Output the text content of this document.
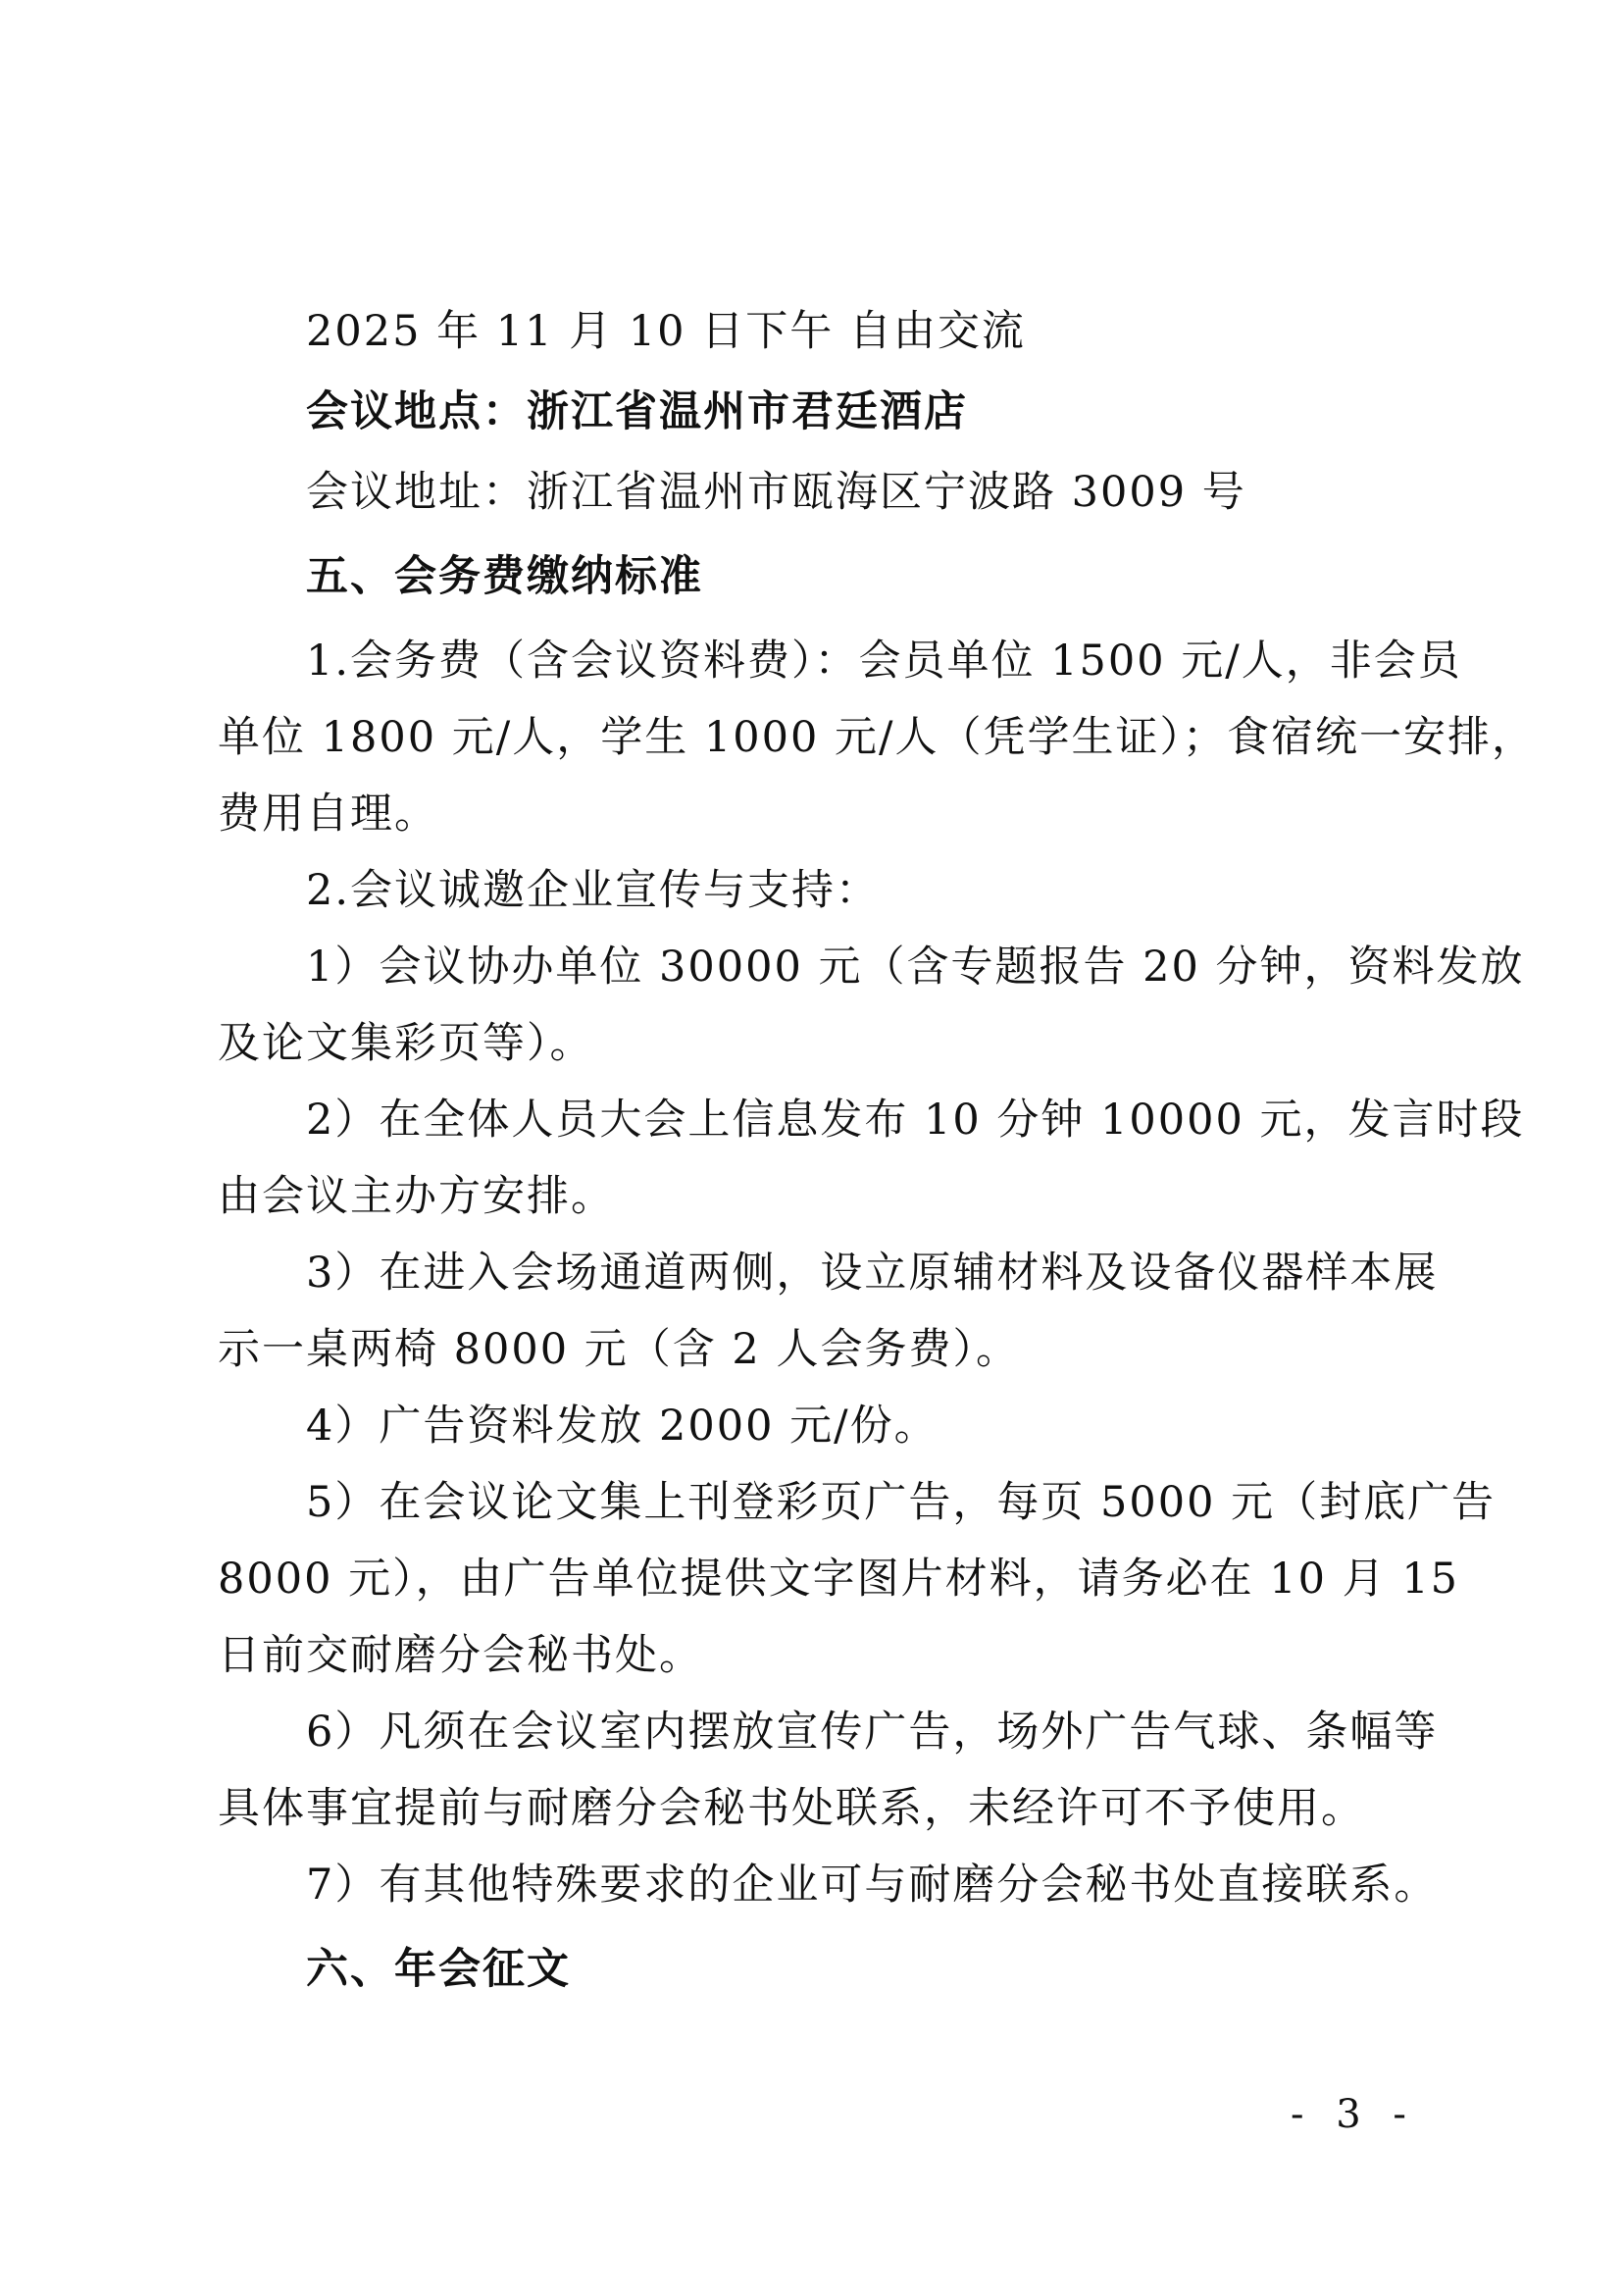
2025 年 11 月 10 日下午 自由交流
会议地点：浙江省温州市君廷酒店
会议地址：浙江省温州市瓯海区宁波路 3009 号
五、会务费缴纳标准
1.会务费（含会议资料费）：会员单位 1500 元/人，非会员
单位 1800 元/人，学生 1000 元/人（凭学生证）；食宿统一安排，
费用自理。
2.会议诚邀企业宣传与支持：
1）会议协办单位 30000 元（含专题报告 20 分钟，资料发放
及论文集彩页等）。
2）在全体人员大会上信息发布 10 分钟 10000 元，发言时段
由会议主办方安排。
3）在进入会场通道两侧，设立原辅材料及设备仪器样本展
示一桌两椅 8000 元（含 2 人会务费）。
4）广告资料发放 2000 元/份。
5）在会议论文集上刊登彩页广告，每页 5000 元（封底广告
8000 元），由广告单位提供文字图片材料，请务必在 10 月 15
日前交耐磨分会秘书处。
6）凡须在会议室内摆放宣传广告，场外广告气球、条幅等
具体事宜提前与耐磨分会秘书处联系，未经许可不予使用。
7）有其他特殊要求的企业可与耐磨分会秘书处直接联系。
六、年会征文
- 3 -
